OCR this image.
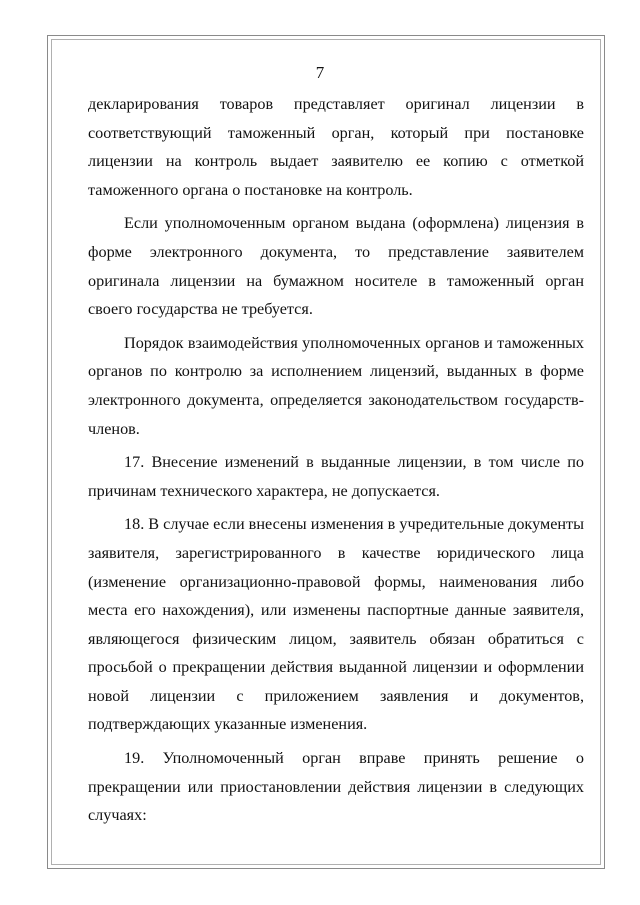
7

декларирования товаров представляет оригинал лицензии в соответствующий таможенный орган, который при постановке лицензии на контроль выдает заявителю ее копию с отметкой таможенного органа о постановке на контроль.

Если уполномоченным органом выдана (оформлена) лицензия в форме электронного документа, то представление заявителем оригинала лицензии на бумажном носителе в таможенный орган своего государства не требуется.

Порядок взаимодействия уполномоченных органов и таможенных органов по контролю за исполнением лицензий, выданных в форме электронного документа, определяется законодательством государств-членов.

17. Внесение изменений в выданные лицензии, в том числе по причинам технического характера, не допускается.

18. В случае если внесены изменения в учредительные документы заявителя, зарегистрированного в качестве юридического лица (изменение организационно-правовой формы, наименования либо места его нахождения), или изменены паспортные данные заявителя, являющегося физическим лицом, заявитель обязан обратиться с просьбой о прекращении действия выданной лицензии и оформлении новой лицензии с приложением заявления и документов, подтверждающих указанные изменения.

19. Уполномоченный орган вправе принять решение о прекращении или приостановлении действия лицензии в следующих случаях:
